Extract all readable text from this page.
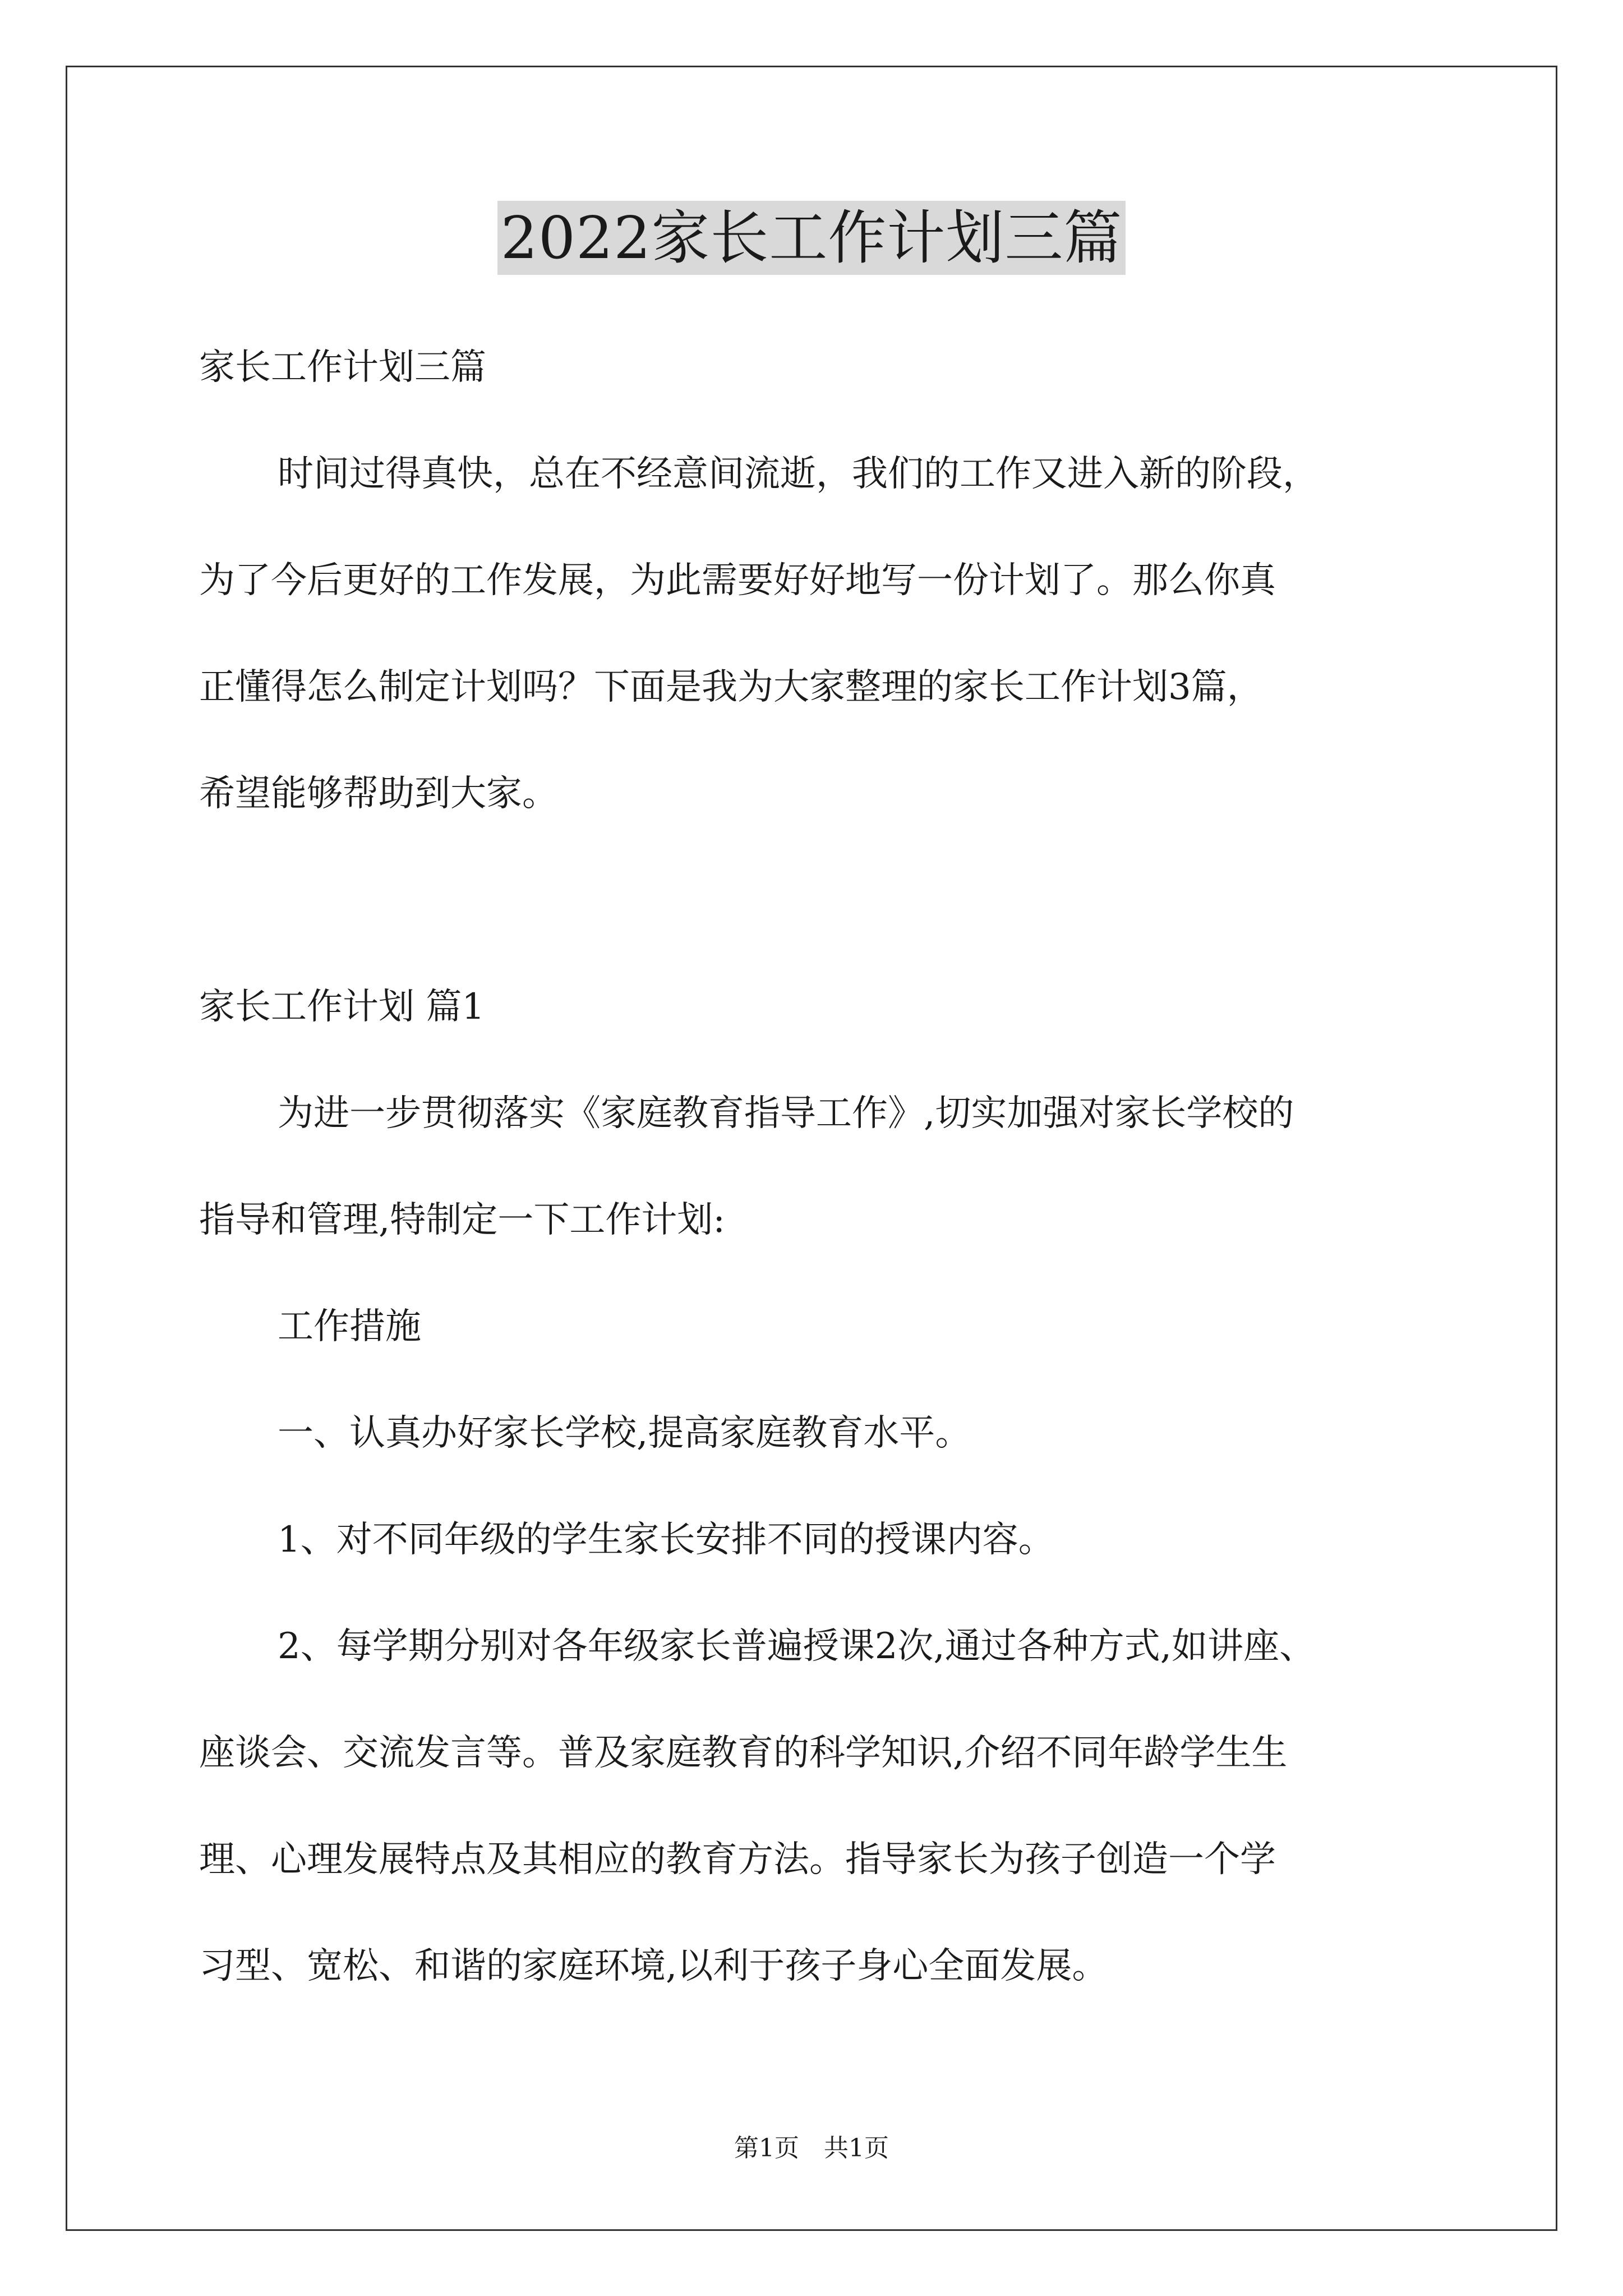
2022家长工作计划三篇

家长工作计划三篇

时间过得真快，总在不经意间流逝，我们的工作又进入新的阶段，

为了今后更好的工作发展，为此需要好好地写一份计划了。那么你真

正懂得怎么制定计划吗？下面是我为大家整理的家长工作计划3篇，

希望能够帮助到大家。

家长工作计划 篇1

为进一步贯彻落实《家庭教育指导工作》,切实加强对家长学校的

指导和管理,特制定一下工作计划:

工作措施

一、认真办好家长学校,提高家庭教育水平。

1、对不同年级的学生家长安排不同的授课内容。

2、每学期分别对各年级家长普遍授课2次,通过各种方式,如讲座、

座谈会、交流发言等。普及家庭教育的科学知识,介绍不同年龄学生生

理、心理发展特点及其相应的教育方法。指导家长为孩子创造一个学

习型、宽松、和谐的家庭环境,以利于孩子身心全面发展。

第1页　共1页
